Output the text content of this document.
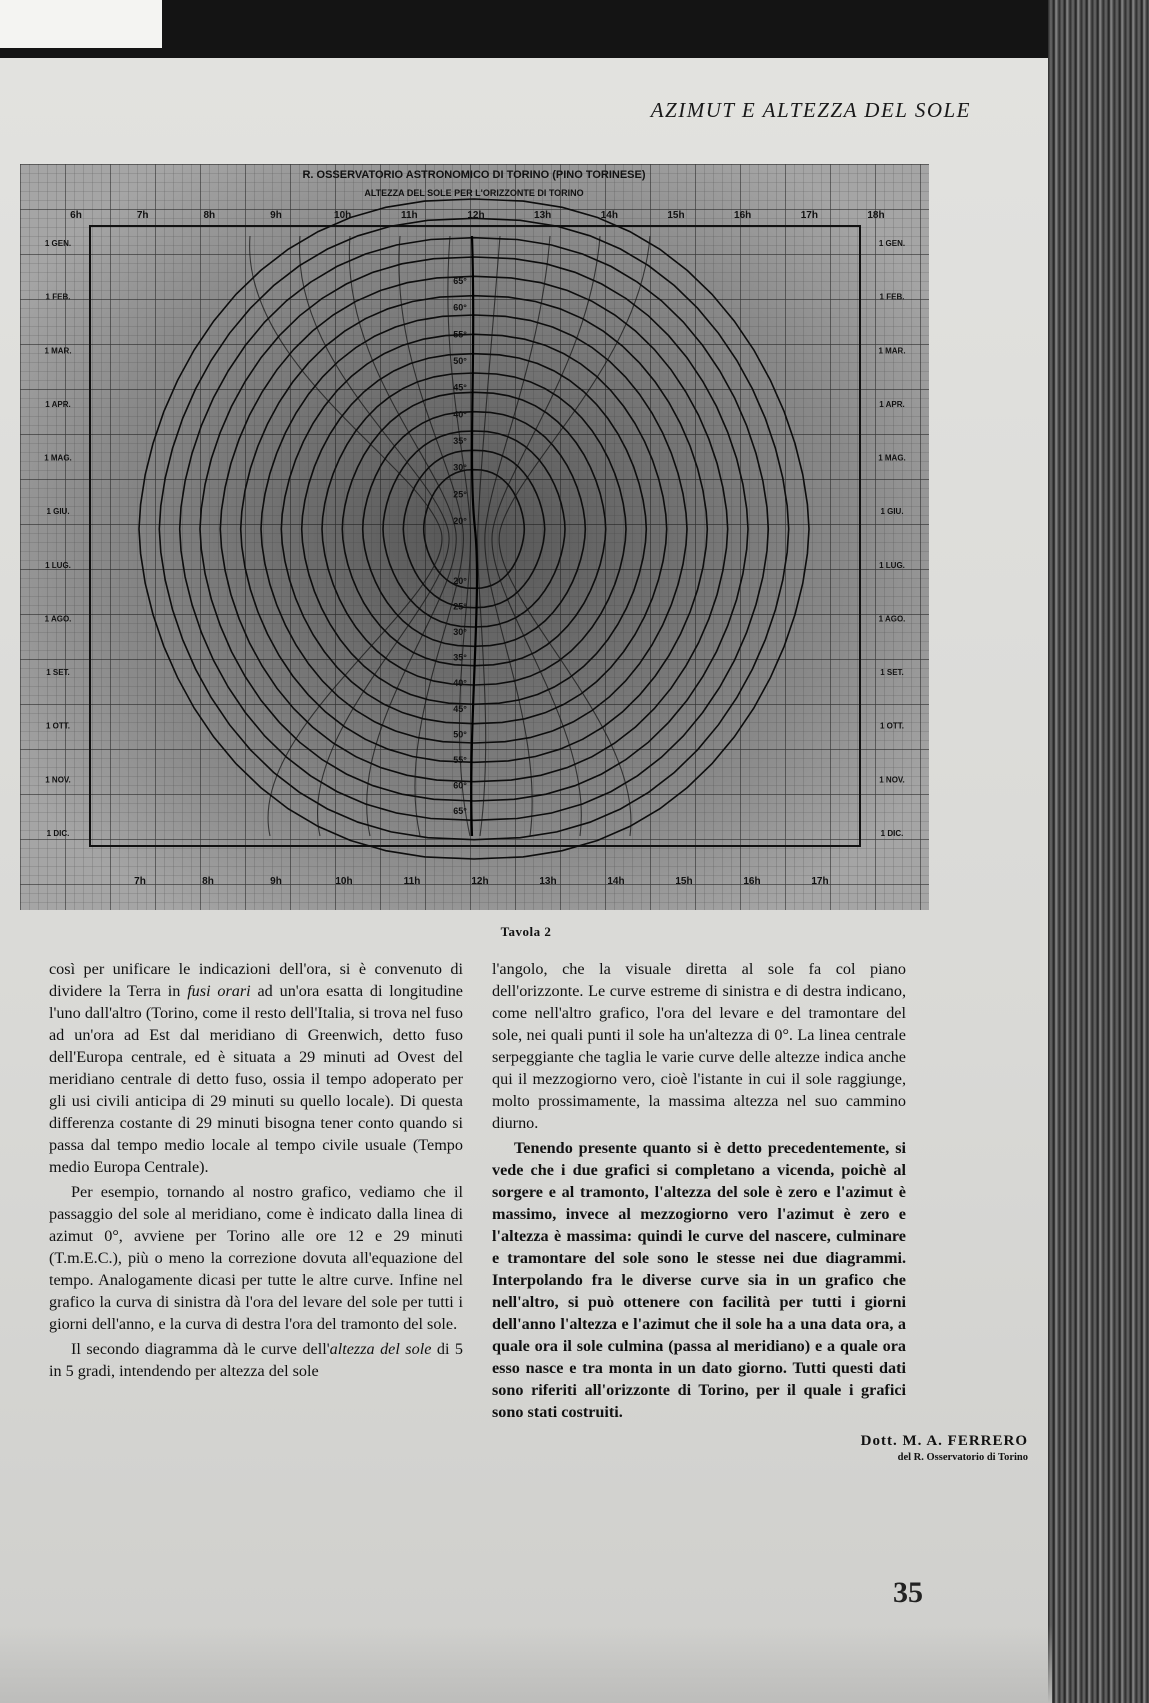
AZIMUT E ALTEZZA DEL SOLE
R. OSSERVATORIO ASTRONOMICO DI TORINO (PINO TORINESE)
ALTEZZA DEL SOLE PER L'ORIZZONTE DI TORINO
6h	7h	8h	9h	10h	11h	12h	13h	14h	15h	16h	17h	18h
7h	8h	9h	10h	11h	12h	13h	14h	15h	16h	17h
1 GEN.
1 FEB.
1 MAR.
1 APR.
1 MAG.
1 GIU.
1 LUG.
1 AGO.
1 SET.
1 OTT.
1 NOV.
1 DIC.
1 GEN.
1 FEB.
1 MAR.
1 APR.
1 MAG.
1 GIU.
1 LUG.
1 AGO.
1 SET.
1 OTT.
1 NOV.
1 DIC.
65°
60°
55°
50°
45°
40°
35°
30°
25°
20°
20°
25°
30°
35°
40°
45°
50°
55°
60°
65°
Tavola 2

così per unificare le indicazioni dell'ora, si è convenuto di dividere la Terra in fusi orari ad un'ora esatta di longitudine l'uno dall'altro (Torino, come il resto dell'Italia, si trova nel fuso ad un'ora ad Est dal meridiano di Greenwich, detto fuso dell'Europa centrale, ed è situata a 29 minuti ad Ovest del meridiano centrale di detto fuso, ossia il tempo adoperato per gli usi civili anticipa di 29 minuti su quello locale). Di questa differenza costante di 29 minuti bisogna tener conto quando si passa dal tempo medio locale al tempo civile usuale (Tempo medio Europa Centrale).

Per esempio, tornando al nostro grafico, vediamo che il passaggio del sole al meridiano, come è indicato dalla linea di azimut 0°, avviene per Torino alle ore 12 e 29 minuti (T.m.E.C.), più o meno la correzione dovuta all'equazione del tempo. Analogamente dicasi per tutte le altre curve. Infine nel grafico la curva di sinistra dà l'ora del levare del sole per tutti i giorni dell'anno, e la curva di destra l'ora del tramonto del sole.

Il secondo diagramma dà le curve dell'altezza del sole di 5 in 5 gradi, intendendo per altezza del sole

l'angolo, che la visuale diretta al sole fa col piano dell'orizzonte. Le curve estreme di sinistra e di destra indicano, come nell'altro grafico, l'ora del levare e del tramontare del sole, nei quali punti il sole ha un'altezza di 0°. La linea centrale serpeggiante che taglia le varie curve delle altezze indica anche qui il mezzogiorno vero, cioè l'istante in cui il sole raggiunge, molto prossimamente, la massima altezza nel suo cammino diurno.

Tenendo presente quanto si è detto precedentemente, si vede che i due grafici si completano a vicenda, poichè al sorgere e al tramonto, l'altezza del sole è zero e l'azimut è massimo, invece al mezzogiorno vero l'azimut è zero e l'altezza è massima: quindi le curve del nascere, culminare e tramontare del sole sono le stesse nei due diagrammi. Interpolando fra le diverse curve sia in un grafico che nell'altro, si può ottenere con facilità per tutti i giorni dell'anno l'altezza e l'azimut che il sole ha a una data ora, a quale ora il sole culmina (passa al meridiano) e a quale ora esso nasce e tra monta in un dato giorno. Tutti questi dati sono riferiti all'orizzonte di Torino, per il quale i grafici sono stati costruiti.

Dott. M. A. FERRERO
del R. Osservatorio di Torino
35
